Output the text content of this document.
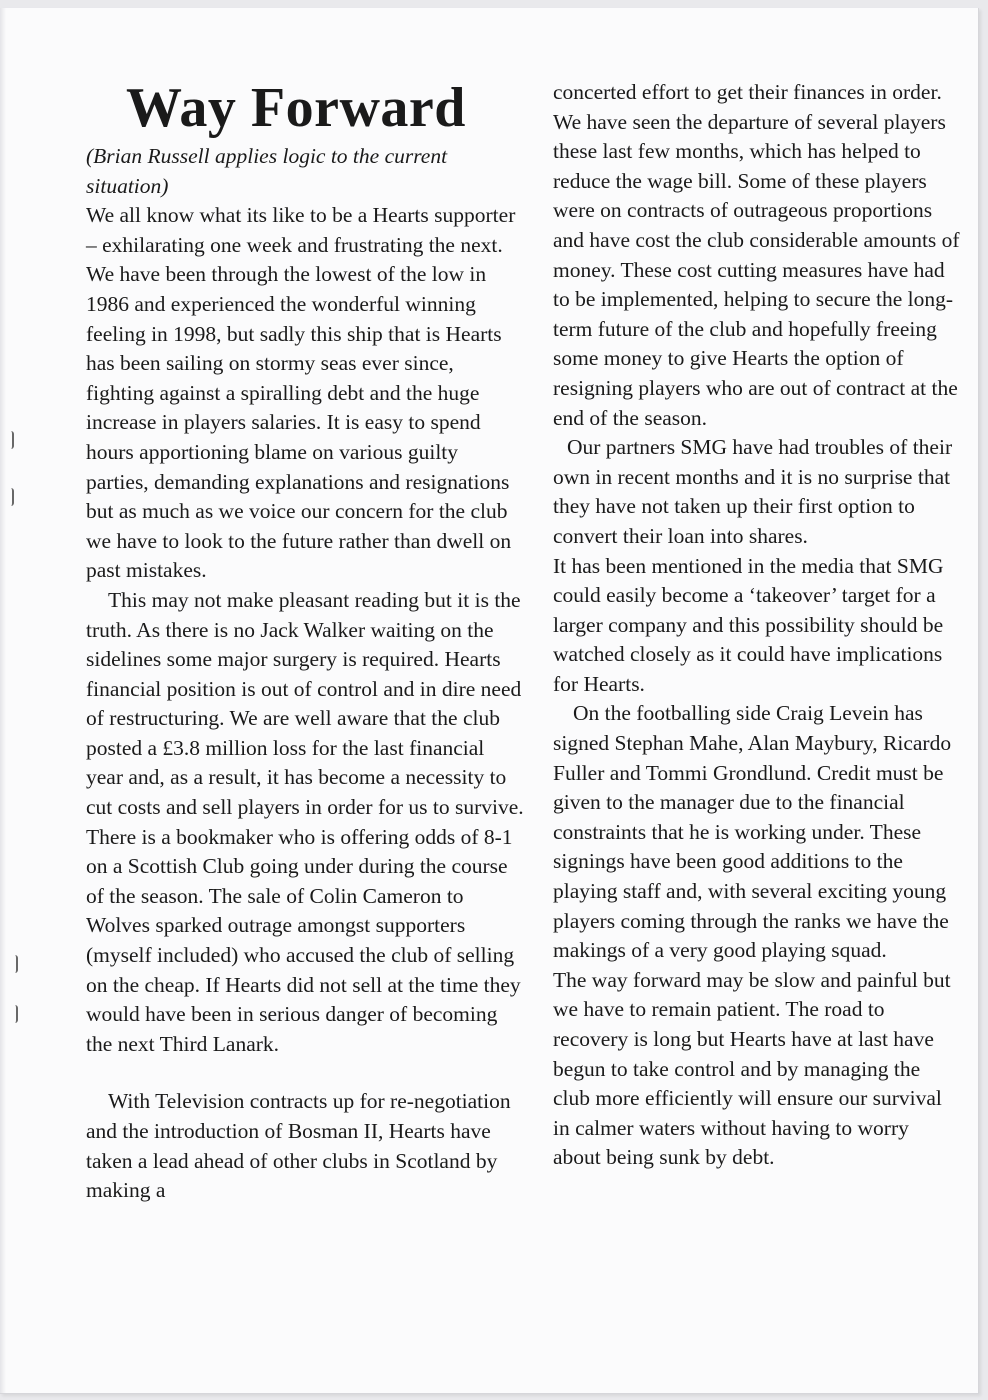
Way Forward

(Brian Russell applies logic to the current situation)

We all know what its like to be a Hearts supporter – exhilarating one week and frustrating the next. We have been through the lowest of the low in 1986 and experienced the wonderful winning feeling in 1998, but sadly this ship that is Hearts has been sailing on stormy seas ever since, fighting against a spiralling debt and the huge increase in players salaries. It is easy to spend hours apportioning blame on various guilty parties, demanding explanations and resignations but as much as we voice our concern for the club we have to look to the future rather than dwell on past mistakes.

This may not make pleasant reading but it is the truth. As there is no Jack Walker waiting on the sidelines some major surgery is required. Hearts financial position is out of control and in dire need of restructuring. We are well aware that the club posted a £3.8 million loss for the last financial year and, as a result, it has become a necessity to cut costs and sell players in order for us to survive. There is a bookmaker who is offering odds of 8-1 on a Scottish Club going under during the course of the season. The sale of Colin Cameron to Wolves sparked outrage amongst supporters (myself included) who accused the club of selling on the cheap. If Hearts did not sell at the time they would have been in serious danger of becoming the next Third Lanark.

With Television contracts up for re-negotiation and the introduction of Bosman II, Hearts have taken a lead ahead of other clubs in Scotland by making a

concerted effort to get their finances in order. We have seen the departure of several players these last few months, which has helped to reduce the wage bill. Some of these players were on contracts of outrageous proportions and have cost the club considerable amounts of money. These cost cutting measures have had to be implemented, helping to secure the long-term future of the club and hopefully freeing some money to give Hearts the option of resigning players who are out of contract at the end of the season.

Our partners SMG have had troubles of their own in recent months and it is no surprise that they have not taken up their first option to convert their loan into shares.

It has been mentioned in the media that SMG could easily become a ‘takeover’ target for a larger company and this possibility should be watched closely as it could have implications for Hearts.

On the footballing side Craig Levein has signed Stephan Mahe, Alan Maybury, Ricardo Fuller and Tommi Grondlund. Credit must be given to the manager due to the financial constraints that he is working under. These signings have been good additions to the playing staff and, with several exciting young players coming through the ranks we have the makings of a very good playing squad.

The way forward may be slow and painful but we have to remain patient. The road to recovery is long but Hearts have at last have begun to take control and by managing the club more efficiently will ensure our survival in calmer waters without having to worry about being sunk by debt.
